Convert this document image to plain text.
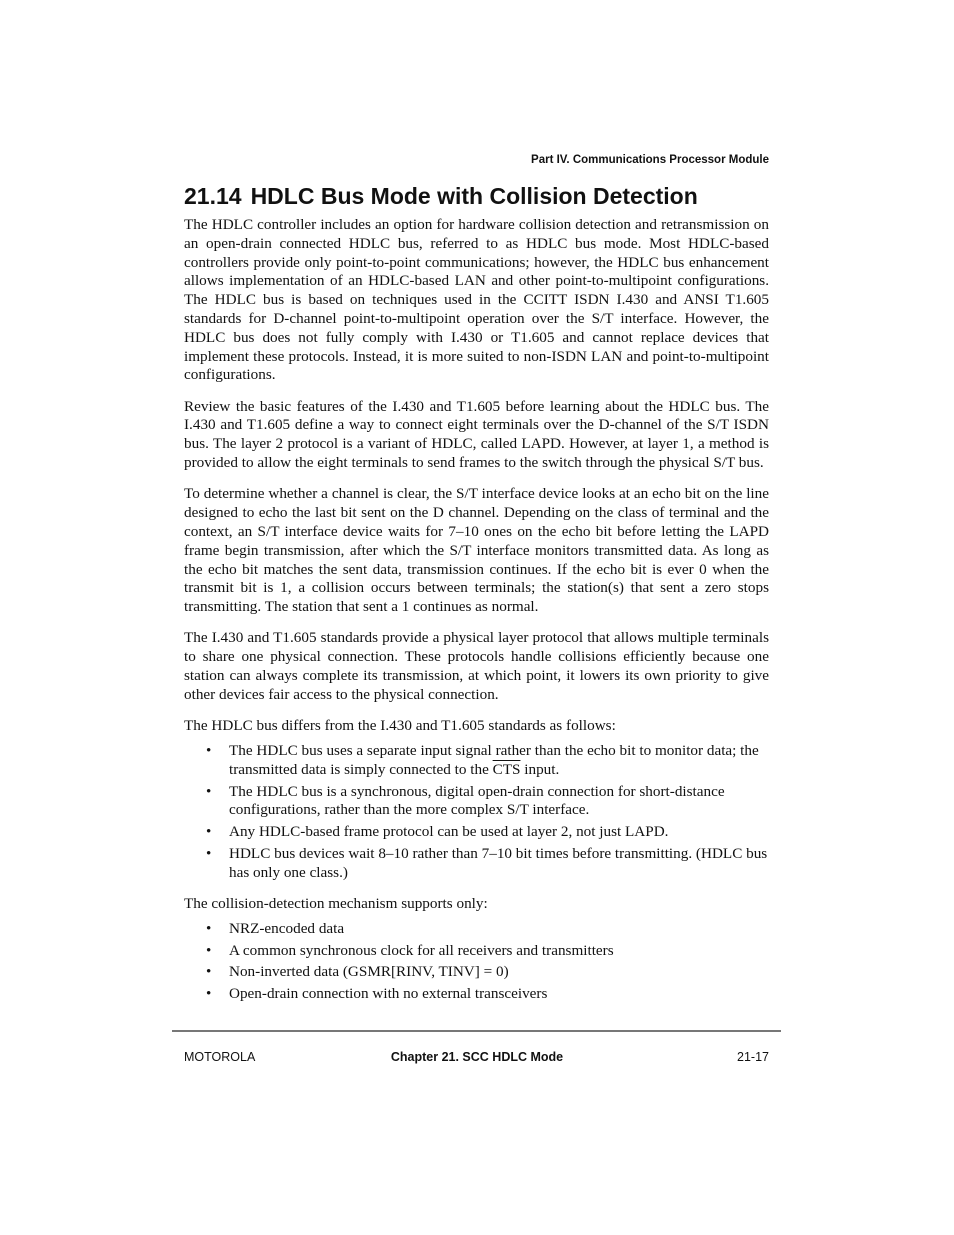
Part IV. Communications Processor Module
21.14 HDLC Bus Mode with Collision Detection

The HDLC controller includes an option for hardware collision detection and retransmission on an open-drain connected HDLC bus, referred to as HDLC bus mode. Most HDLC-based controllers provide only point-to-point communications; however, the HDLC bus enhancement allows implementation of an HDLC-based LAN and other point-to-multipoint configurations. The HDLC bus is based on techniques used in the CCITT ISDN I.430 and ANSI T1.605 standards for D-channel point-to-multipoint operation over the S/T interface. However, the HDLC bus does not fully comply with I.430 or T1.605 and cannot replace devices that implement these protocols. Instead, it is more suited to non-ISDN LAN and point-to-multipoint configurations.

Review the basic features of the I.430 and T1.605 before learning about the HDLC bus. The I.430 and T1.605 define a way to connect eight terminals over the D-channel of the S/T ISDN bus. The layer 2 protocol is a variant of HDLC, called LAPD. However, at layer 1, a method is provided to allow the eight terminals to send frames to the switch through the physical S/T bus.

To determine whether a channel is clear, the S/T interface device looks at an echo bit on the line designed to echo the last bit sent on the D channel. Depending on the class of terminal and the context, an S/T interface device waits for 7–10 ones on the echo bit before letting the LAPD frame begin transmission, after which the S/T interface monitors transmitted data. As long as the echo bit matches the sent data, transmission continues. If the echo bit is ever 0 when the transmit bit is 1, a collision occurs between terminals; the station(s) that sent a zero stops transmitting. The station that sent a 1 continues as normal.

The I.430 and T1.605 standards provide a physical layer protocol that allows multiple terminals to share one physical connection. These protocols handle collisions efficiently because one station can always complete its transmission, at which point, it lowers its own priority to give other devices fair access to the physical connection.

The HDLC bus differs from the I.430 and T1.605 standards as follows:

• The HDLC bus uses a separate input signal rather than the echo bit to monitor data; the transmitted data is simply connected to the $\overline{CTS}$ input.
• The HDLC bus is a synchronous, digital open-drain connection for short-distance configurations, rather than the more complex S/T interface.
• Any HDLC-based frame protocol can be used at layer 2, not just LAPD.
• HDLC bus devices wait 8–10 rather than 7–10 bit times before transmitting. (HDLC bus has only one class.)

The collision-detection mechanism supports only:

• NRZ-encoded data
• A common synchronous clock for all receivers and transmitters
• Non-inverted data (GSMR[RINV, TINV] = 0)
• Open-drain connection with no external transceivers
MOTOROLA	Chapter 21. SCC HDLC Mode	21-17
